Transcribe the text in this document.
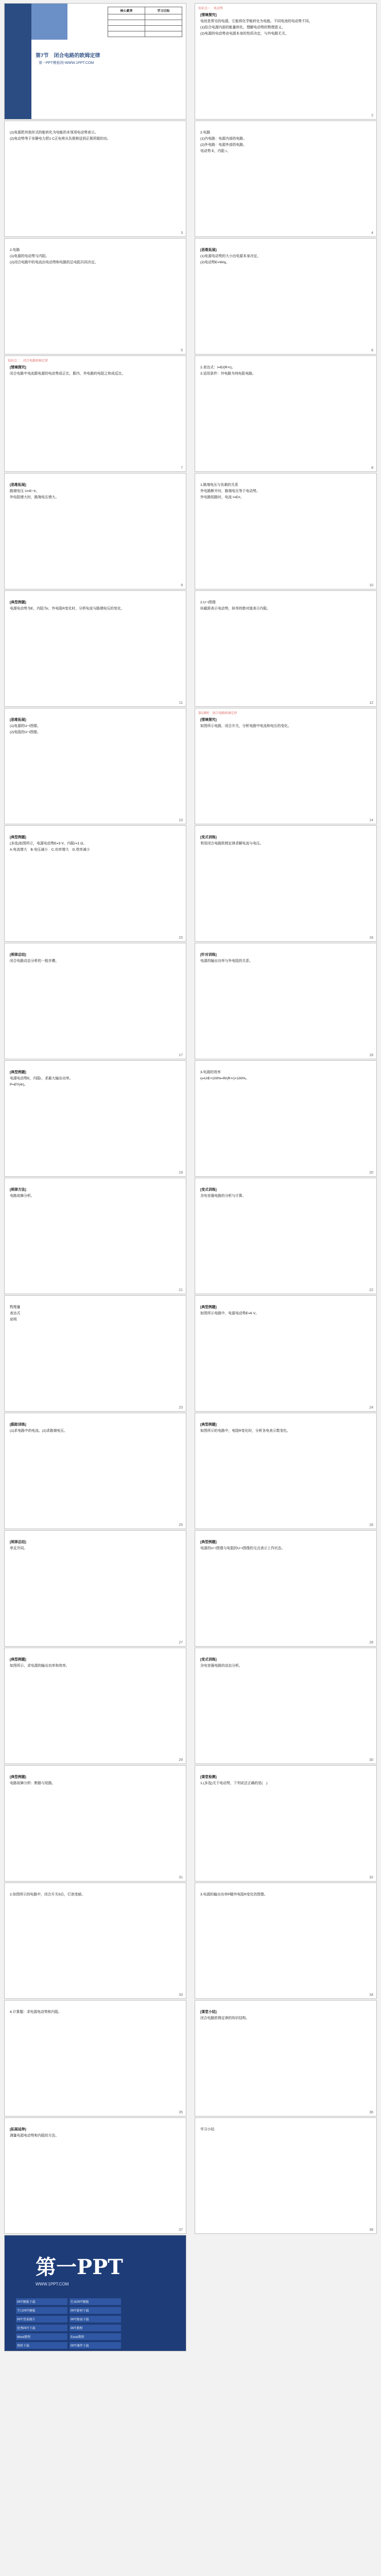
第7节　闭合电路的欧姆定律
第一PPT模板网-WWW.1PPT.COM
核心素养	学习目标

知识点一　电动势

[情境探究]

电池是常见的电源，它能将化学能转化为电能。不同电池的电动势不同。

(1)结合电源内部的能量转化，理解电动势的物理意义。

(2)电源的电动势由电源本身的性质决定，与外电路无关。

2

(1)电源把其他形式的能转化为电能的本领用电动势表示。

(2)电动势等于非静电力把1 C正电荷从负极移送到正极所做的功。

3

2.电路

(1)内电路：电源内部的电路。

(2)外电路：电源外部的电路。

电动势 E，内阻 r。

4

2.电路

(1)电源的电动势与内阻。

(2)闭合电路中的电流由电动势和电路的总电阻共同决定。

5

[思维拓展]

(1)电源电动势的大小由电源本身决定。

(2)电动势E=W/q。

6
知识点二　闭合电路欧姆定律

[情境探究]

闭合电路中电流跟电源的电动势成正比，跟内、外电路的电阻之和成反比。

7

2.表达式：I=E/(R+r)。

3.适用条件：外电路为纯电阻电路。

8

[思维拓展]

路端电压 U=E−Ir。

外电阻增大时，路端电压增大。

9

1.路端电压与负载的关系

外电路断开时，路端电压等于电动势。

外电路短路时，电流 I=E/r。

10

[典型例题]

电源电动势为E，内阻为r，外电阻R变化时，分析电流与路端电压的变化。

11

2.U−I图像

纵截距表示电动势，斜率的绝对值表示内阻。

12

[思维拓展]

(1)电源的U−I图像。

(2)电阻的U−I图像。

13
第1课时　闭合电路欧姆定律

[情境探究]

如图所示电路，闭合开关，分析电路中电流和电压的变化。

14

[典型例题]

(多选)如图所示，电源电动势E=3 V，内阻r=1 Ω。

A.电流增大　B.电压减小　C.功率增大　D.效率减小

15

[变式训练]

利用闭合电路欧姆定律求解电流与电压。

16

[规律总结]

闭合电路动态分析的一般步骤。

17

[针对训练]

电源的输出功率与外电阻的关系。

18

[典型例题]

电源电动势E，内阻r，求最大输出功率。

P=E²/(4r)。

19

3.电源的效率

η=U/E×100%=R/(R+r)×100%。

20

[规律方法]

电路故障分析。

21

[变式训练]

含电容器电路的分析与计算。

22

物理量

表达式

说明

23

[典型例题]

如图所示电路中，电源电动势E=6 V。

24

[跟踪训练]

(1)求电路中的电流。(2)求路端电压。

25

[典型例题]

如图所示的电路中，电阻R变化时，分析各电表示数变化。

26

[规律总结]

串反并同。

27

[典型例题]

电源的U−I图像与电阻的U−I图像的交点表示工作状态。

28

[典型例题]

如图所示，求电源的输出功率和效率。

29

[变式训练]

含电容器电路的动态分析。

30

[典型例题]

电路故障分析：断路与短路。

31

[课堂检测]

1.(多选)关于电动势，下列说法正确的是(　)

32

2.如图所示的电路中，闭合开关S后，灯泡变暗。

33

3.电源的输出功率P随外电阻R变化的图像。

34

4.计算题：求电源电动势和内阻。

35

[课堂小结]

闭合电路欧姆定律的知识结构。

36

[拓展延伸]

测量电源电动势和内阻的方法。

37

学习小结

38
第一PPT
WWW.1PPT.COM
PPT模板下载	行业PPT模板节日PPT模板	PPT素材下载PPT背景图片	PPT图表下载优秀PPT下载	PPT教程Word教程	Excel教程资料下载	PPT课件下载
